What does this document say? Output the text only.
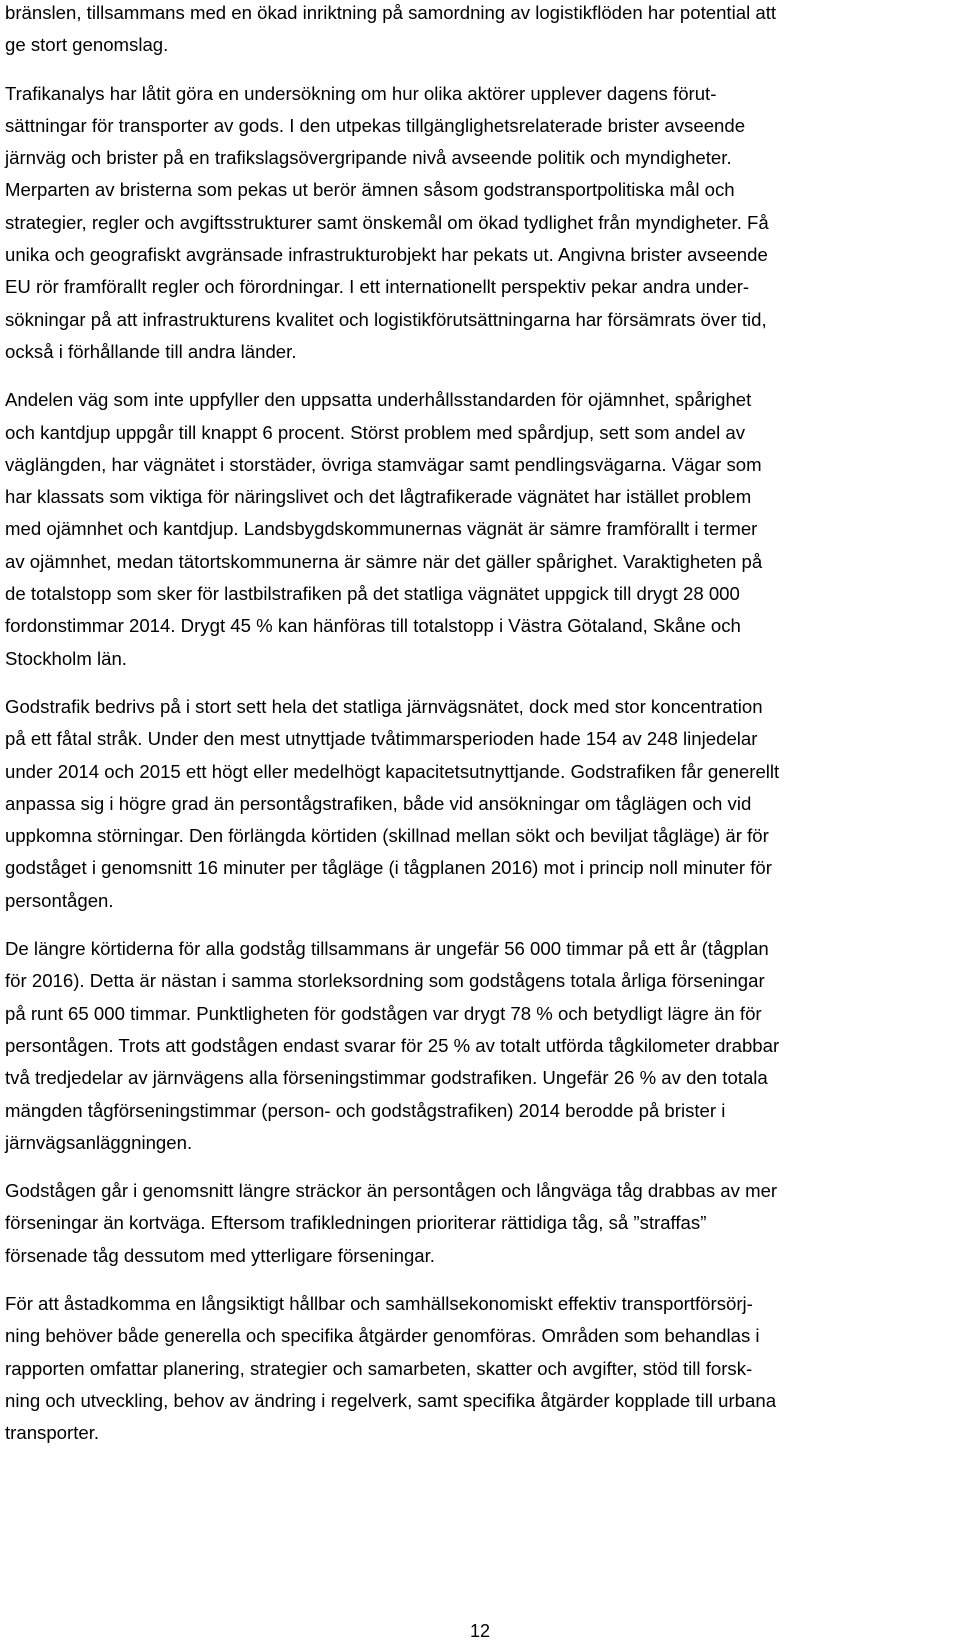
bränslen, tillsammans med en ökad inriktning på samordning av logistikflöden har potential att
ge stort genomslag.

Trafikanalys har låtit göra en undersökning om hur olika aktörer upplever dagens förut-
sättningar för transporter av gods. I den utpekas tillgänglighetsrelaterade brister avseende
järnväg och brister på en trafikslagsövergripande nivå avseende politik och myndigheter.
Merparten av bristerna som pekas ut berör ämnen såsom godstransportpolitiska mål och
strategier, regler och avgiftsstrukturer samt önskemål om ökad tydlighet från myndigheter. Få
unika och geografiskt avgränsade infrastrukturobjekt har pekats ut. Angivna brister avseende
EU rör framförallt regler och förordningar. I ett internationellt perspektiv pekar andra under-
sökningar på att infrastrukturens kvalitet och logistikförutsättningarna har försämrats över tid,
också i förhållande till andra länder.

Andelen väg som inte uppfyller den uppsatta underhållsstandarden för ojämnhet, spårighet
och kantdjup uppgår till knappt 6 procent. Störst problem med spårdjup, sett som andel av
väglängden, har vägnätet i storstäder, övriga stamvägar samt pendlingsvägarna. Vägar som
har klassats som viktiga för näringslivet och det lågtrafikerade vägnätet har istället problem
med ojämnhet och kantdjup. Landsbygdskommunernas vägnät är sämre framförallt i termer
av ojämnhet, medan tätortskommunerna är sämre när det gäller spårighet. Varaktigheten på
de totalstopp som sker för lastbilstrafiken på det statliga vägnätet uppgick till drygt 28 000
fordonstimmar 2014. Drygt 45 % kan hänföras till totalstopp i Västra Götaland, Skåne och
Stockholm län.

Godstrafik bedrivs på i stort sett hela det statliga järnvägsnätet, dock med stor koncentration
på ett fåtal stråk. Under den mest utnyttjade tvåtimmarsperioden hade 154 av 248 linjedelar
under 2014 och 2015 ett högt eller medelhögt kapacitetsutnyttjande. Godstrafiken får generellt
anpassa sig i högre grad än persontågstrafiken, både vid ansökningar om tåglägen och vid
uppkomna störningar. Den förlängda körtiden (skillnad mellan sökt och beviljat tågläge) är för
godståget i genomsnitt 16 minuter per tågläge (i tågplanen 2016) mot i princip noll minuter för
persontågen.

De längre körtiderna för alla godståg tillsammans är ungefär 56 000 timmar på ett år (tågplan
för 2016). Detta är nästan i samma storleksordning som godstågens totala årliga förseningar
på runt 65 000 timmar. Punktligheten för godstågen var drygt 78 % och betydligt lägre än för
persontågen. Trots att godstågen endast svarar för 25 % av totalt utförda tågkilometer drabbar
två tredjedelar av järnvägens alla förseningstimmar godstrafiken. Ungefär 26 % av den totala
mängden tågförseningstimmar (person- och godstågstrafiken) 2014 berodde på brister i
järnvägsanläggningen.

Godstågen går i genomsnitt längre sträckor än persontågen och långväga tåg drabbas av mer
förseningar än kortväga. Eftersom trafikledningen prioriterar rättidiga tåg, så ”straffas”
försenade tåg dessutom med ytterligare förseningar.

För att åstadkomma en långsiktigt hållbar och samhällsekonomiskt effektiv transportförsörj-
ning behöver både generella och specifika åtgärder genomföras. Områden som behandlas i
rapporten omfattar planering, strategier och samarbeten, skatter och avgifter, stöd till forsk-
ning och utveckling, behov av ändring i regelverk, samt specifika åtgärder kopplade till urbana
transporter.

12
